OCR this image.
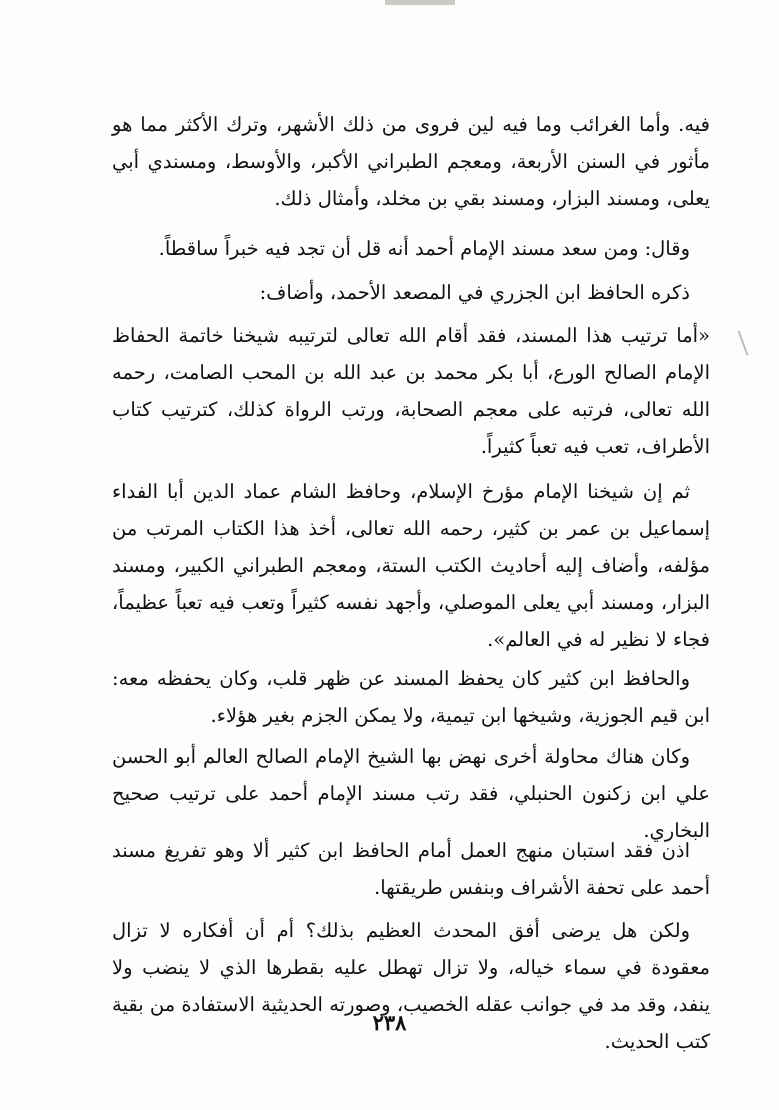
فيه. وأما الغرائب وما فيه لين فروى من ذلك الأشهر، وترك الأكثر مما هو مأثور في السنن الأربعة، ومعجم الطبراني الأكبر، والأوسط، ومسندي أبي يعلى، ومسند البزار، ومسند بقي بن مخلد، وأمثال ذلك.

وقال: ومن سعد مسند الإمام أحمد أنه قل أن تجد فيه خبراً ساقطاً.

ذكره الحافظ ابن الجزري في المصعد الأحمد، وأضاف:

«أما ترتيب هذا المسند، فقد أقام الله تعالى لترتيبه شيخنا خاتمة الحفاظ الإمام الصالح الورع، أبا بكر محمد بن عبد الله بن المحب الصامت، رحمه الله تعالى، فرتبه على معجم الصحابة، ورتب الرواة كذلك، كترتيب كتاب الأطراف، تعب فيه تعباً كثيراً.

ثم إن شيخنا الإمام مؤرخ الإسلام، وحافظ الشام عماد الدين أبا الفداء إسماعيل بن عمر بن كثير، رحمه الله تعالى، أخذ هذا الكتاب المرتب من مؤلفه، وأضاف إليه أحاديث الكتب الستة، ومعجم الطبراني الكبير، ومسند البزار، ومسند أبي يعلى الموصلي، وأجهد نفسه كثيراً وتعب فيه تعباً عظيماً، فجاء لا نظير له في العالم».

والحافظ ابن كثير كان يحفظ المسند عن ظهر قلب، وكان يحفظه معه: ابن قيم الجوزية، وشيخها ابن تيمية، ولا يمكن الجزم بغير هؤلاء.

وكان هناك محاولة أخرى نهض بها الشيخ الإمام الصالح العالم أبو الحسن علي ابن زكنون الحنبلي، فقد رتب مسند الإمام أحمد على ترتيب صحيح البخاري.

اذن فقد استبان منهج العمل أمام الحافظ ابن كثير ألا وهو تفريغ مسند أحمد على تحفة الأشراف وبنفس طريقتها.

ولكن هل يرضى أفق المحدث العظيم بذلك؟ أم أن أفكاره لا تزال معقودة في سماء خياله، ولا تزال تهطل عليه بقطرها الذي لا ينضب ولا ينفد، وقد مد في جوانب عقله الخصيب، وصورته الحديثية الاستفادة من بقية كتب الحديث.

٢٣٨
